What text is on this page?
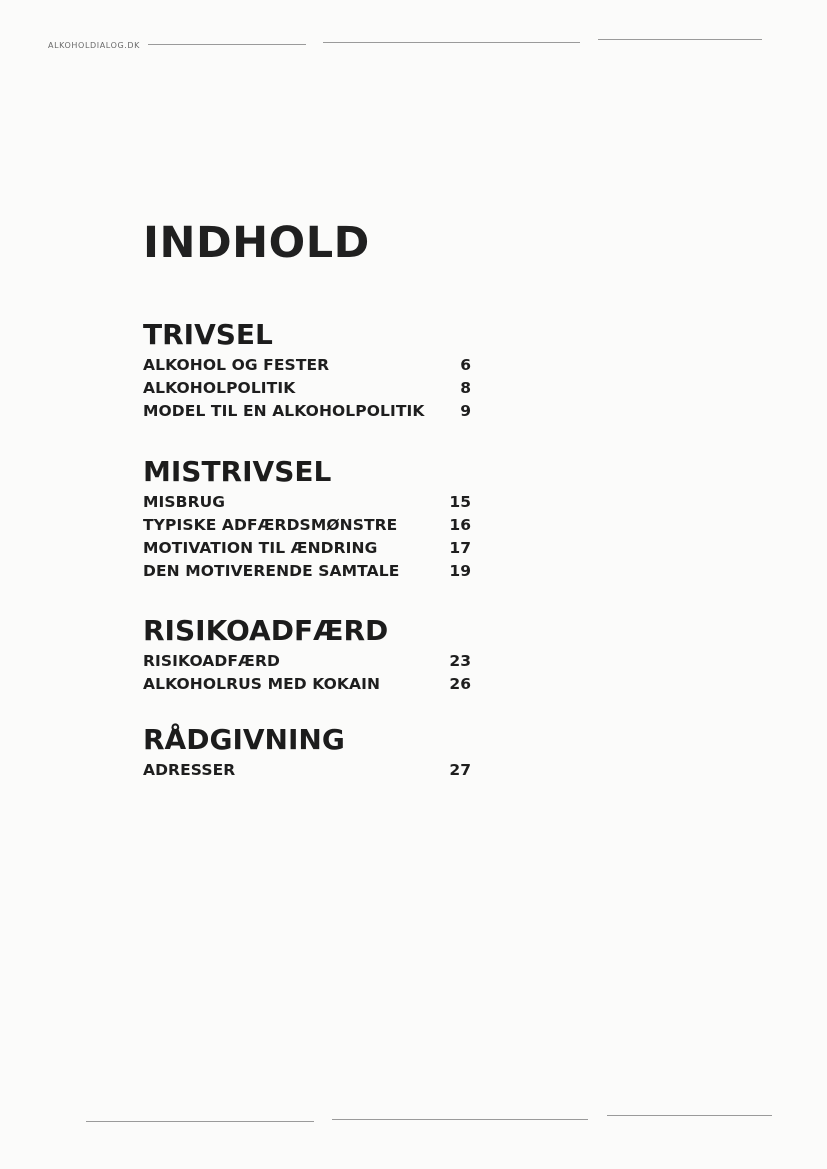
ALKOHOLDIALOG.DK
INDHOLD
TRIVSEL
ALKOHOL OG FESTER	6
ALKOHOLPOLITIK	8
MODEL TIL EN ALKOHOLPOLITIK	9
MISTRIVSEL
MISBRUG	15
TYPISKE ADFÆRDSMØNSTRE	16
MOTIVATION TIL ÆNDRING	17
DEN MOTIVERENDE SAMTALE	19
RISIKOADFÆRD
RISIKOADFÆRD	23
ALKOHOLRUS MED KOKAIN	26
RÅDGIVNING
ADRESSER	27
